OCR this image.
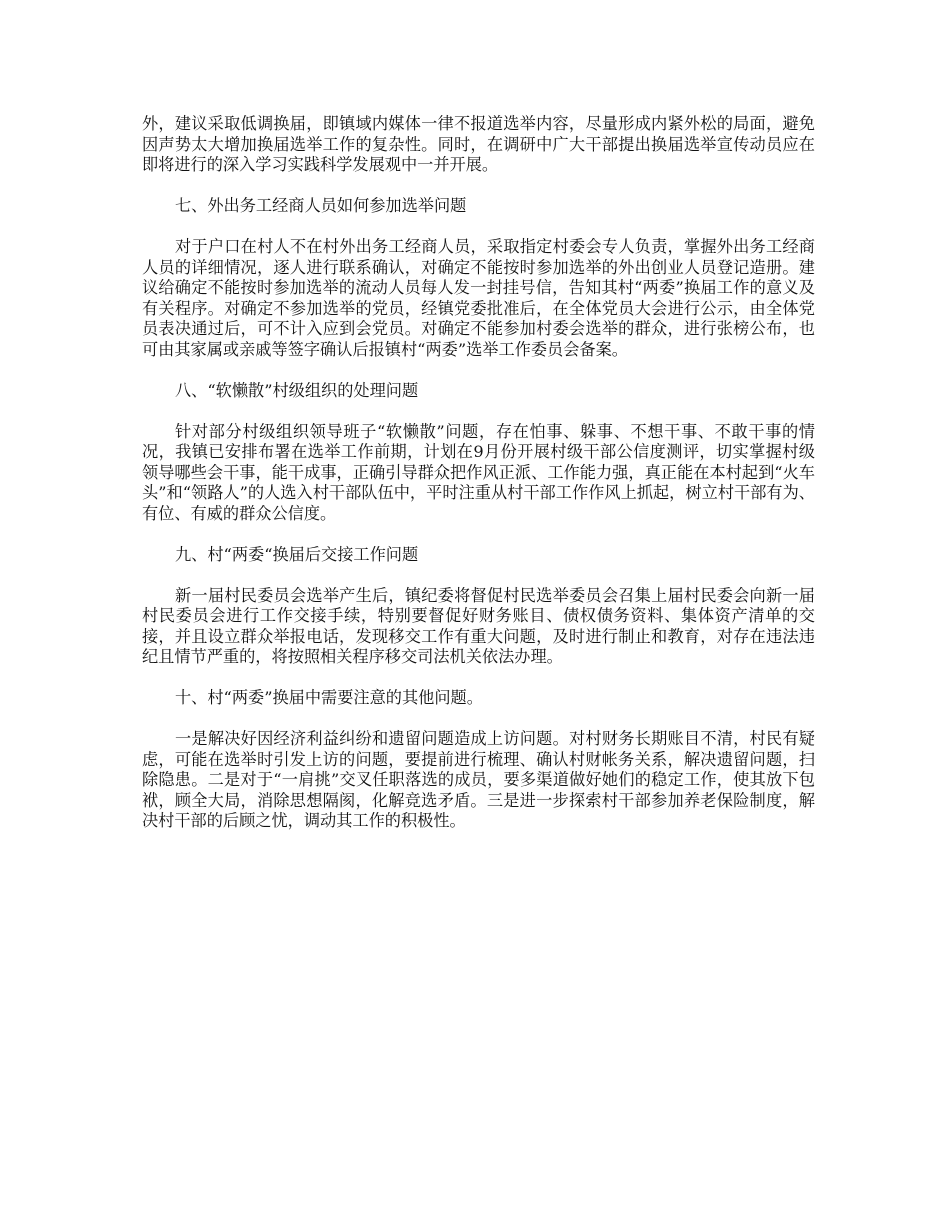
外，建议采取低调换届，即镇域内媒体一律不报道选举内容，尽量形成内紧外松的局面，避免因声势太大增加换届选举工作的复杂性。同时，在调研中广大干部提出换届选举宣传动员应在即将进行的深入学习实践科学发展观中一并开展。

七、外出务工经商人员如何参加选举问题

对于户口在村人不在村外出务工经商人员，采取指定村委会专人负责，掌握外出务工经商人员的详细情况，逐人进行联系确认，对确定不能按时参加选举的外出创业人员登记造册。建议给确定不能按时参加选举的流动人员每人发一封挂号信，告知其村“两委”换届工作的意义及有关程序。对确定不参加选举的党员，经镇党委批准后，在全体党员大会进行公示，由全体党员表决通过后，可不计入应到会党员。对确定不能参加村委会选举的群众，进行张榜公布，也可由其家属或亲戚等签字确认后报镇村“两委”选举工作委员会备案。

八、“软懒散”村级组织的处理问题

针对部分村级组织领导班子“软懒散”问题，存在怕事、躲事、不想干事、不敢干事的情况，我镇已安排布署在选举工作前期，计划在9月份开展村级干部公信度测评，切实掌握村级领导哪些会干事，能干成事，正确引导群众把作风正派、工作能力强，真正能在本村起到“火车头”和“领路人”的人选入村干部队伍中，平时注重从村干部工作作风上抓起，树立村干部有为、有位、有威的群众公信度。

九、村“两委“换届后交接工作问题

新一届村民委员会选举产生后，镇纪委将督促村民选举委员会召集上届村民委会向新一届村民委员会进行工作交接手续，特别要督促好财务账目、债权债务资料、集体资产清单的交接，并且设立群众举报电话，发现移交工作有重大问题，及时进行制止和教育，对存在违法违纪且情节严重的，将按照相关程序移交司法机关依法办理。

十、村“两委”换届中需要注意的其他问题。

一是解决好因经济利益纠纷和遗留问题造成上访问题。对村财务长期账目不清，村民有疑虑，可能在选举时引发上访的问题，要提前进行梳理、确认村财帐务关系，解决遗留问题，扫除隐患。二是对于“一肩挑”交叉任职落选的成员，要多渠道做好她们的稳定工作，使其放下包袱，顾全大局，消除思想隔阂，化解竞选矛盾。三是进一步探索村干部参加养老保险制度，解决村干部的后顾之忧，调动其工作的积极性。
